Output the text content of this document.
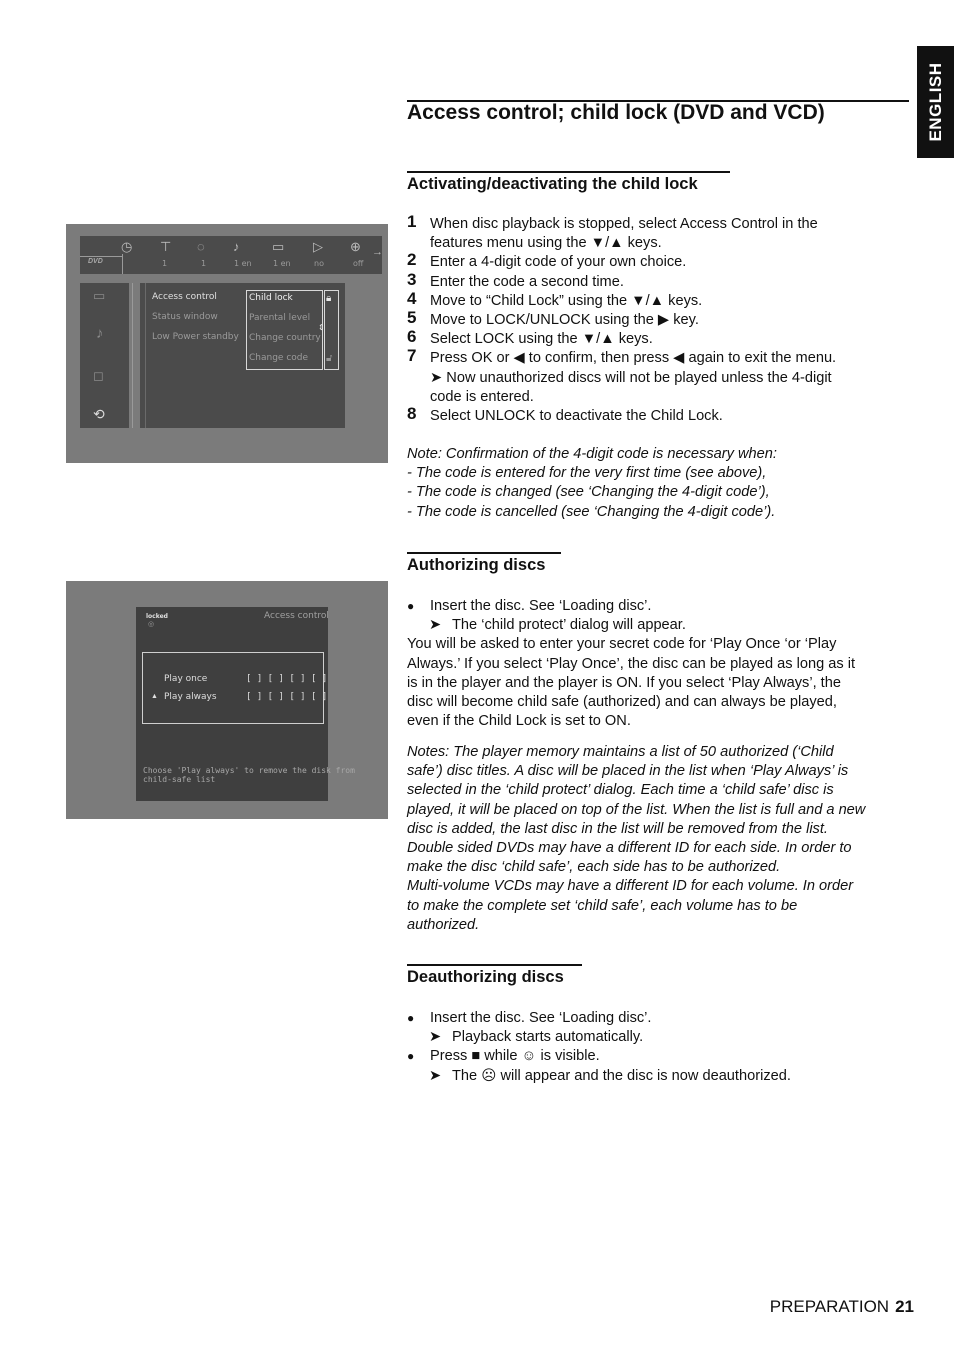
ENGLISH
Access control; child lock (DVD and VCD)
Activating/deactivating the child lock
1 When disc playback is stopped, select Access Control in the
features menu using the ▼/▲ keys.
2 Enter a 4-digit code of your own choice.
3 Enter the code a second time.
4 Move to “Child Lock” using the ▼/▲ keys.
5 Move to LOCK/UNLOCK using the ▶ key.
6 Select LOCK using the ▼/▲ keys.
7 Press OK or ◀ to confirm, then press ◀ again to exit the menu.
➤ Now unauthorized discs will not be played unless the 4-digit
code is entered.
8 Select UNLOCK to deactivate the Child Lock.
Note: Confirmation of the 4-digit code is necessary when:
- The code is entered for the very first time (see above),
- The code is changed (see ‘Changing the 4-digit code’),
- The code is cancelled (see ‘Changing the 4-digit code’).
Authorizing discs
● Insert the disc. See ‘Loading disc’.
➤ The ‘child protect’ dialog will appear.
You will be asked to enter your secret code for ‘Play Once ‘or ‘Play
Always.’ If you select ‘Play Once’, the disc can be played as long as it
is in the player and the player is ON. If you select ‘Play Always’, the
disc will become child safe (authorized) and can always be played,
even if the Child Lock is set to ON.
Notes: The player memory maintains a list of 50 authorized (‘Child
safe’) disc titles. A disc will be placed in the list when ‘Play Always’ is
selected in the ‘child protect’ dialog. Each time a ‘child safe’ disc is
played, it will be placed on top of the list. When the list is full and a new
disc is added, the last disc in the list will be removed from the list.
Double sided DVDs may have a different ID for each side. In order to
make the disc ‘child safe’, each side has to be authorized.
Multi-volume VCDs may have a different ID for each volume. In order
to make the complete set ‘child safe’, each volume has to be
authorized.
Deauthorizing discs
● Insert the disc. See ‘Loading disc’.
➤ Playback starts automatically.
● Press ■ while ☺ is visible.
➤ The ☹ will appear and the disc is now deauthorized.
DVD
◷ ⊤ ◌ ♪	▭ ▷ ⊕ →
1	1	1 en	1 en	no	off
▭
♪
◻
⟲
Access control
Status window
Low Power standby
Child lock
Parental level
Change country
Change code
🔒︎
⇕
🔓︎
locked
◎
Access control
Play once
▲ Play always
[ ] [ ] [ ] [ ]
[ ] [ ] [ ] [ ]
Choose 'Play always' to remove the disk from
child-safe list
PREPARATION 21
